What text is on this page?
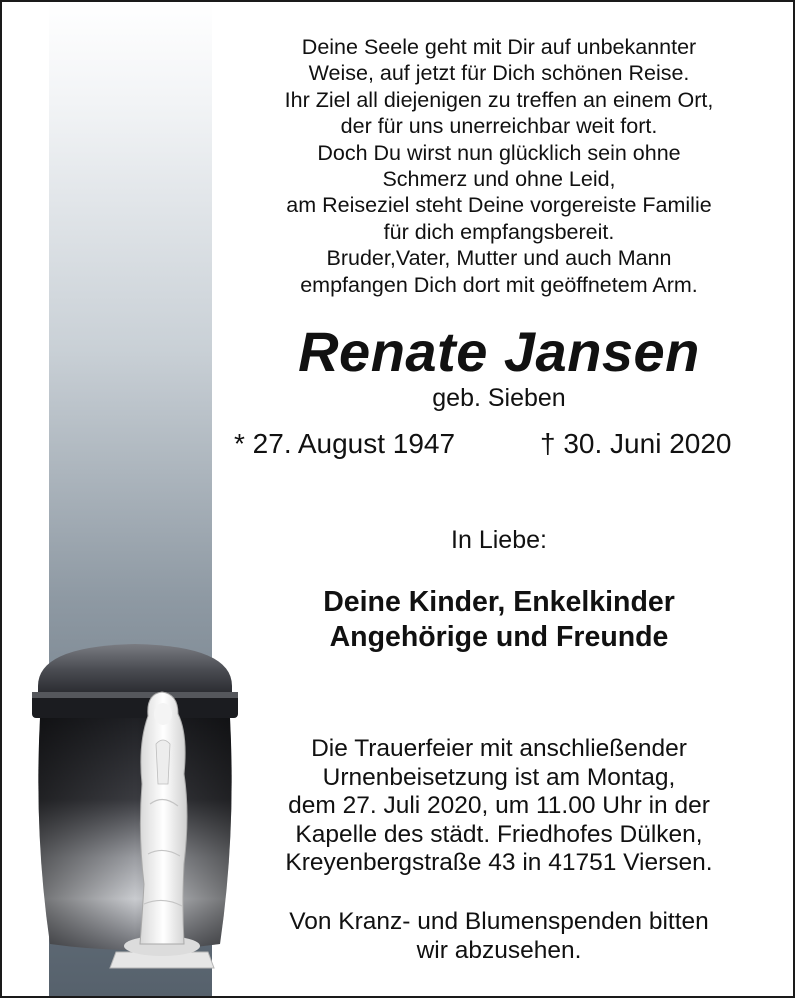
Deine Seele geht mit Dir auf unbekannter
Weise, auf jetzt für Dich schönen Reise.
Ihr Ziel all diejenigen zu treffen an einem Ort,
der für uns unerreichbar weit fort.
Doch Du wirst nun glücklich sein ohne
Schmerz und ohne Leid,
am Reiseziel steht Deine vorgereiste Familie
für dich empfangsbereit.
Bruder,Vater, Mutter und auch Mann
empfangen Dich dort mit geöffnetem Arm.
Renate Jansen
geb. Sieben
* 27. August 1947	† 30. Juni 2020
In Liebe:
Deine Kinder, Enkelkinder
Angehörige und Freunde
Die Trauerfeier mit anschließender
Urnenbeisetzung ist am Montag,
dem 27. Juli 2020, um 11.00 Uhr in der
Kapelle des städt. Friedhofes Dülken,
Kreyenbergstraße 43 in 41751 Viersen.
Von Kranz- und Blumenspenden bitten
wir abzusehen.
